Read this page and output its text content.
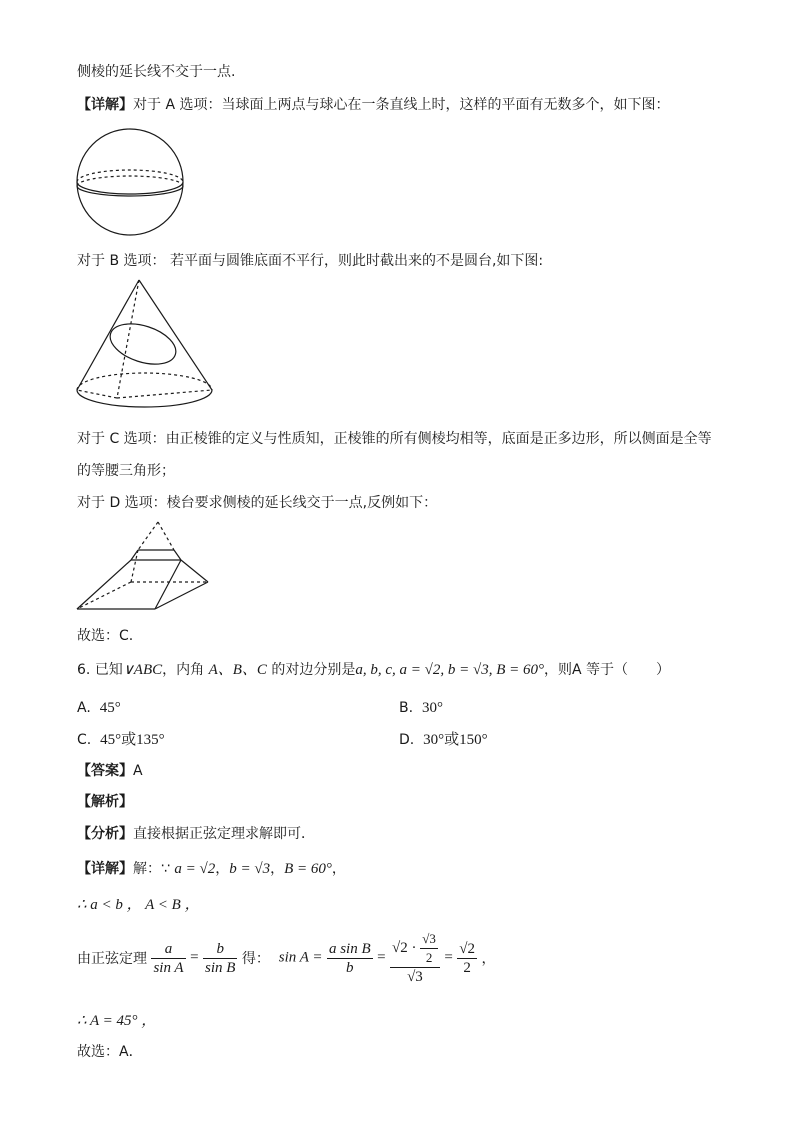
侧棱的延长线不交于一点.
【详解】对于 A 选项：当球面上两点与球心在一条直线上时，这样的平面有无数多个，如下图：
对于 B 选项： 若平面与圆锥底面不平行，则此时截出来的不是圆台,如下图:
对于 C 选项：由正棱锥的定义与性质知，正棱锥的所有侧棱均相等，底面是正多边形，所以侧面是全等
的等腰三角形；
对于 D 选项：棱台要求侧棱的延长线交于一点,反例如下：
故选：C.
6. 已知∨ABC，内角 A、B、C 的对边分别是a, b, c, a = √2, b = √3, B = 60°，则A 等于（　　）
A. 45°	B. 30°
C. 45°或135°	D. 30°或150°
【答案】A
【解析】
【分析】直接根据正弦定理求解即可．
【详解】解：∵ a = √2，b = √3，B = 60°，
∴ a < b ， A < B ，
由正弦定理 $\frac{a}{\text{sin A}} = \frac{b}{\text{sin B}}$ 得： $\sin A = \frac{\text{a sin B}}{b} = \frac{√2 \cdot \frac{√3}{2}}{√3} = \frac{√2}{2}$ ，
∴ A = 45° ，
故选：A．
